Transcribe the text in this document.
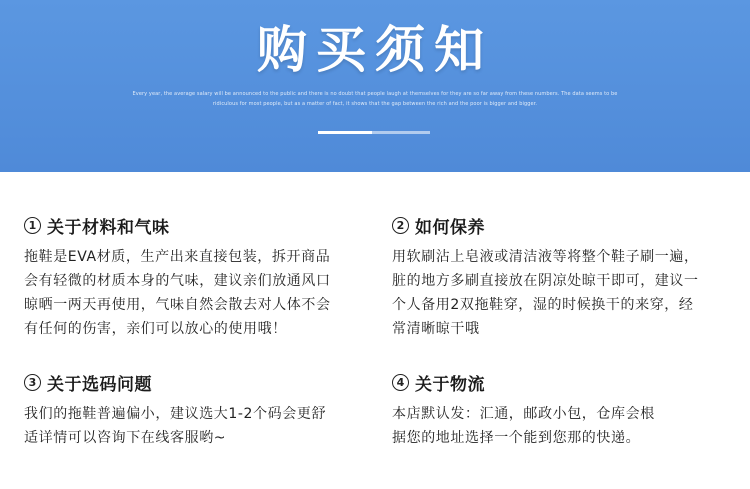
购买须知
Every year, the average salary will be announced to the public and there is no doubt that people laugh at themselves for they are so far away from these numbers. The data seems to be ridiculous for most people, but as a matter of fact, it shows that the gap between the rich and the poor is bigger and bigger.
1 关于材料和气味
拖鞋是EVA材质，生产出来直接包装，拆开商品
会有轻微的材质本身的气味，建议亲们放通风口
晾晒一两天再使用，气味自然会散去对人体不会
有任何的伤害，亲们可以放心的使用哦！
2 如何保养
用软刷沾上皂液或清洁液等将整个鞋子刷一遍，
脏的地方多刷直接放在阴凉处晾干即可，建议一
个人备用2双拖鞋穿，湿的时候换干的来穿，经
常清晰晾干哦
3 关于选码问题
我们的拖鞋普遍偏小，建议选大1-2个码会更舒
适详情可以咨询下在线客服哟~
4 关于物流
本店默认发：汇通，邮政小包，仓库会根
据您的地址选择一个能到您那的快递。
